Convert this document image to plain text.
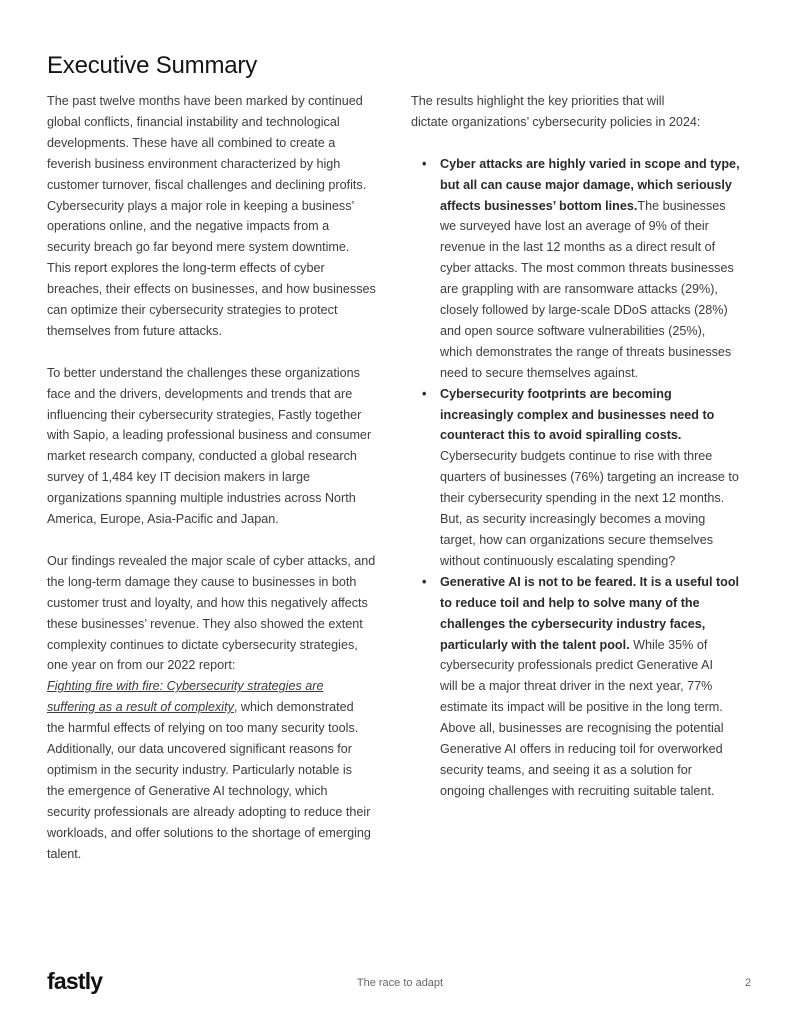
Executive Summary

The past twelve months have been marked by continued
global conflicts, financial instability and technological
developments. These have all combined to create a
feverish business environment characterized by high
customer turnover, fiscal challenges and declining profits.
Cybersecurity plays a major role in keeping a business’
operations online, and the negative impacts from a
security breach go far beyond mere system downtime.
This report explores the long-term effects of cyber
breaches, their effects on businesses, and how businesses
can optimize their cybersecurity strategies to protect
themselves from future attacks.

To better understand the challenges these organizations
face and the drivers, developments and trends that are
influencing their cybersecurity strategies, Fastly together
with Sapio, a leading professional business and consumer
market research company, conducted a global research
survey of 1,484 key IT decision makers in large
organizations spanning multiple industries across North
America, Europe, Asia-Pacific and Japan.

Our findings revealed the major scale of cyber attacks, and
the long-term damage they cause to businesses in both
customer trust and loyalty, and how this negatively affects
these businesses’ revenue. They also showed the extent
complexity continues to dictate cybersecurity strategies,
one year on from our 2022 report:
Fighting fire with fire: Cybersecurity strategies are
suffering as a result of complexity, which demonstrated
the harmful effects of relying on too many security tools.
Additionally, our data uncovered significant reasons for
optimism in the security industry. Particularly notable is
the emergence of Generative AI technology, which
security professionals are already adopting to reduce their
workloads, and offer solutions to the shortage of emerging
talent.

The results highlight the key priorities that will
dictate organizations’ cybersecurity policies in 2024:

• Cyber attacks are highly varied in scope and type,
but all can cause major damage, which seriously
affects businesses’ bottom lines.The businesses
we surveyed have lost an average of 9% of their
revenue in the last 12 months as a direct result of
cyber attacks. The most common threats businesses
are grappling with are ransomware attacks (29%),
closely followed by large-scale DDoS attacks (28%)
and open source software vulnerabilities (25%),
which demonstrates the range of threats businesses
need to secure themselves against.
• Cybersecurity footprints are becoming
increasingly complex and businesses need to
counteract this to avoid spiralling costs.
Cybersecurity budgets continue to rise with three
quarters of businesses (76%) targeting an increase to
their cybersecurity spending in the next 12 months.
But, as security increasingly becomes a moving
target, how can organizations secure themselves
without continuously escalating spending?
• Generative AI is not to be feared. It is a useful tool
to reduce toil and help to solve many of the
challenges the cybersecurity industry faces,
particularly with the talent pool. While 35% of
cybersecurity professionals predict Generative AI
will be a major threat driver in the next year, 77%
estimate its impact will be positive in the long term.
Above all, businesses are recognising the potential
Generative AI offers in reducing toil for overworked
security teams, and seeing it as a solution for
ongoing challenges with recruiting suitable talent.
fastly	The race to adapt	2
